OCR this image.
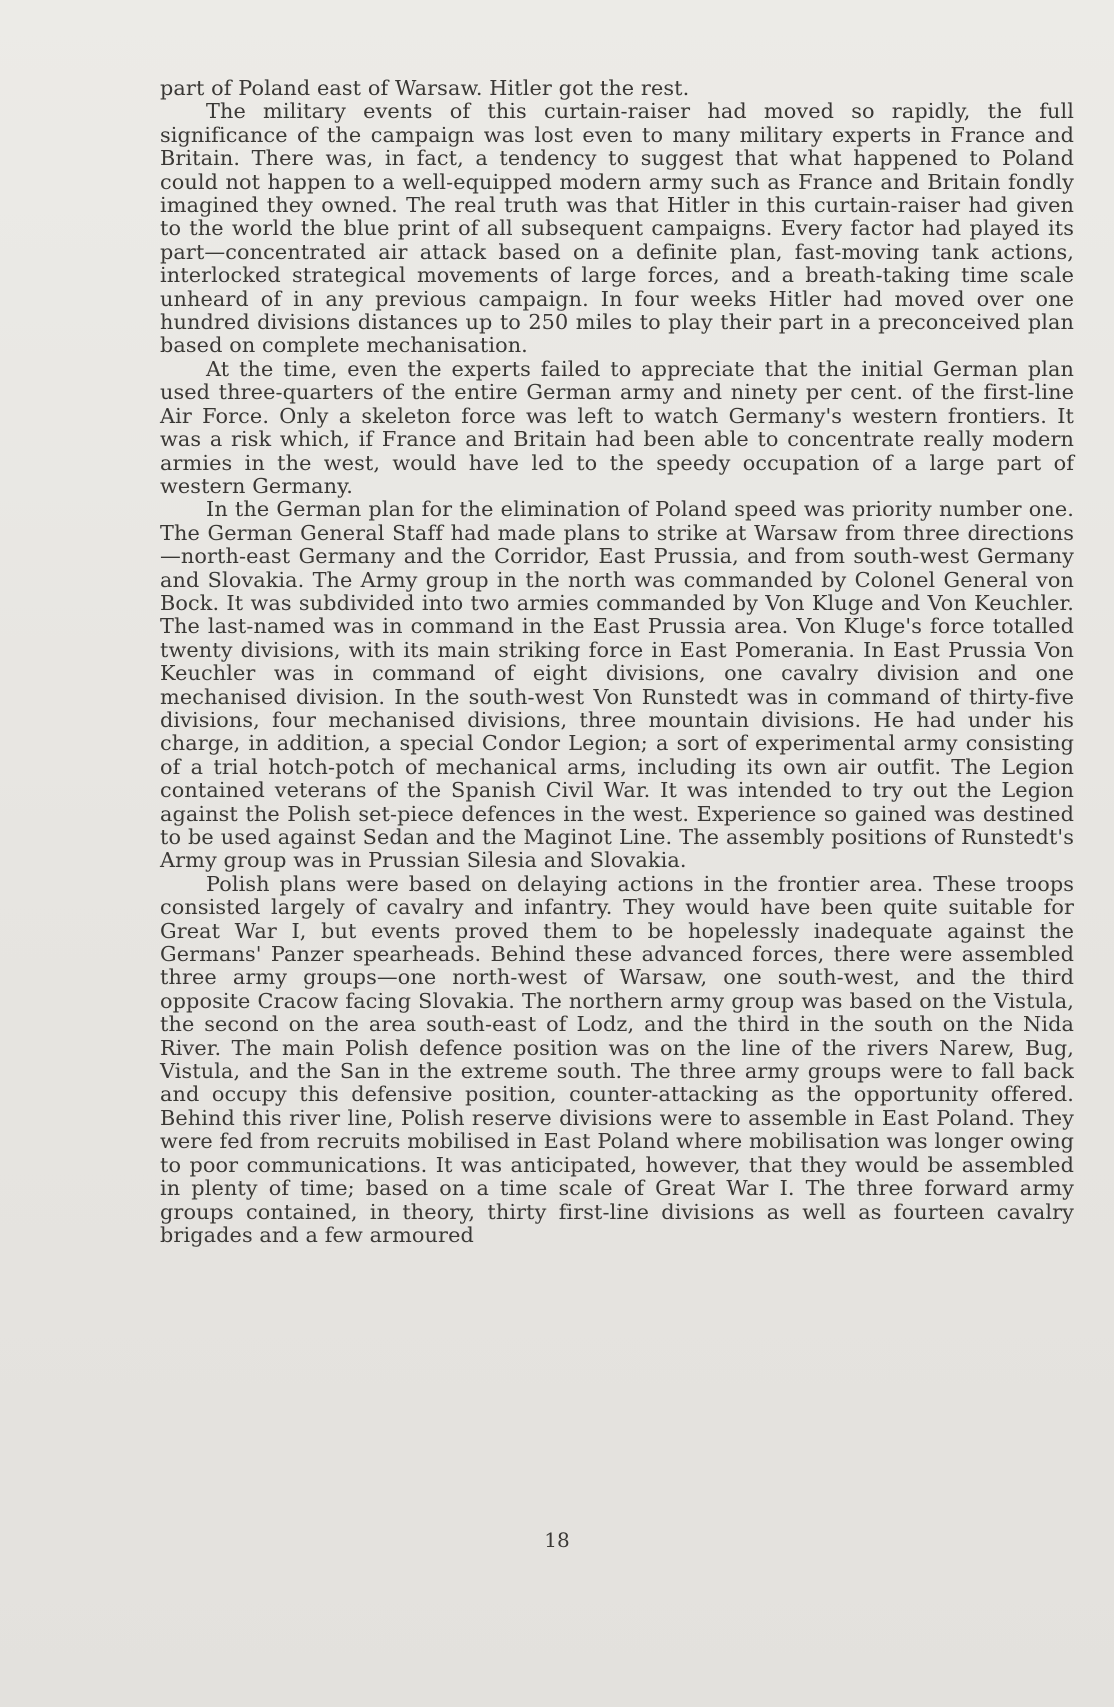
part of Poland east of Warsaw. Hitler got the rest.

The military events of this curtain-raiser had moved so rapidly, the full significance of the campaign was lost even to many military experts in France and Britain. There was, in fact, a tendency to suggest that what happened to Poland could not happen to a well-equipped modern army such as France and Britain fondly imagined they owned. The real truth was that Hitler in this curtain-raiser had given to the world the blue print of all subsequent campaigns. Every factor had played its part—concentrated air attack based on a definite plan, fast-moving tank actions, interlocked strategical movements of large forces, and a breath-taking time scale unheard of in any previous campaign. In four weeks Hitler had moved over one hundred divisions distances up to 250 miles to play their part in a preconceived plan based on complete mechanisation.

At the time, even the experts failed to appreciate that the initial German plan used three-quarters of the entire German army and ninety per cent. of the first-line Air Force. Only a skeleton force was left to watch Germany's western frontiers. It was a risk which, if France and Britain had been able to concentrate really modern armies in the west, would have led to the speedy occupation of a large part of western Germany.

In the German plan for the elimination of Poland speed was priority number one. The German General Staff had made plans to strike at Warsaw from three directions—north-east Germany and the Corridor, East Prussia, and from south-west Germany and Slovakia. The Army group in the north was commanded by Colonel General von Bock. It was subdivided into two armies commanded by Von Kluge and Von Keuchler. The last-named was in command in the East Prussia area. Von Kluge's force totalled twenty divisions, with its main striking force in East Pomerania. In East Prussia Von Keuchler was in command of eight divisions, one cavalry division and one mechanised division. In the south-west Von Runstedt was in command of thirty-five divisions, four mechanised divisions, three mountain divisions. He had under his charge, in addition, a special Condor Legion; a sort of experimental army consisting of a trial hotch-potch of mechanical arms, including its own air outfit. The Legion contained veterans of the Spanish Civil War. It was intended to try out the Legion against the Polish set-piece defences in the west. Experience so gained was destined to be used against Sedan and the Maginot Line. The assembly positions of Runstedt's Army group was in Prussian Silesia and Slovakia.

Polish plans were based on delaying actions in the frontier area. These troops consisted largely of cavalry and infantry. They would have been quite suitable for Great War I, but events proved them to be hopelessly inadequate against the Germans' Panzer spearheads. Behind these advanced forces, there were assembled three army groups—one north-west of Warsaw, one south-west, and the third opposite Cracow facing Slovakia. The northern army group was based on the Vistula, the second on the area south-east of Lodz, and the third in the south on the Nida River. The main Polish defence position was on the line of the rivers Narew, Bug, Vistula, and the San in the extreme south. The three army groups were to fall back and occupy this defensive position, counter-attacking as the opportunity offered. Behind this river line, Polish reserve divisions were to assemble in East Poland. They were fed from recruits mobilised in East Poland where mobilisation was longer owing to poor communications. It was anticipated, however, that they would be assembled in plenty of time; based on a time scale of Great War I. The three forward army groups contained, in theory, thirty first-line divisions as well as fourteen cavalry brigades and a few armoured

18
